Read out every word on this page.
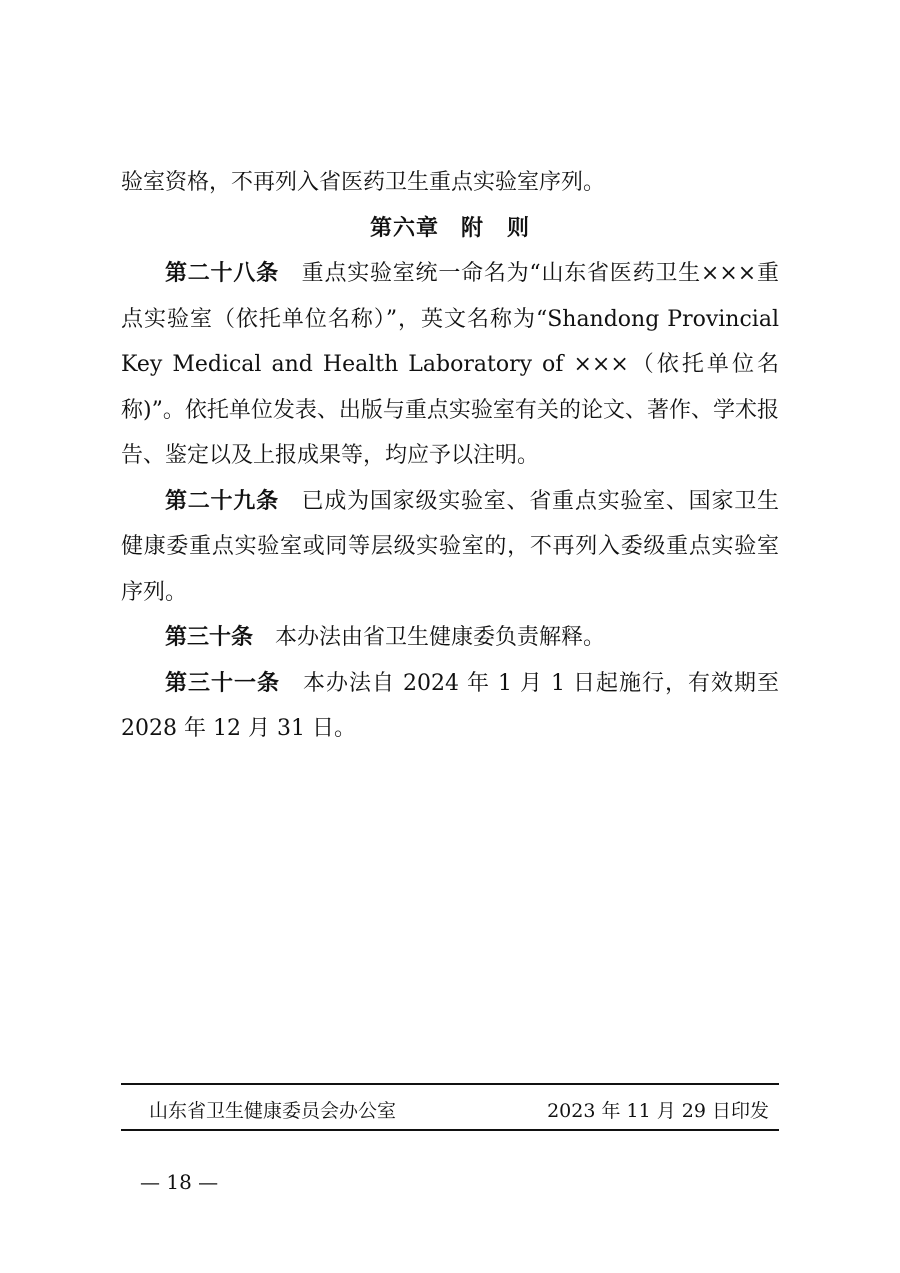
验室资格，不再列入省医药卫生重点实验室序列。

第六章 附　则

第二十八条 重点实验室统一命名为“山东省医药卫生×××重点实验室（依托单位名称）”，英文名称为“Shandong Provincial Key Medical and Health Laboratory of ×××（依托单位名称)”。依托单位发表、出版与重点实验室有关的论文、著作、学术报告、鉴定以及上报成果等，均应予以注明。

第二十九条 已成为国家级实验室、省重点实验室、国家卫生健康委重点实验室或同等层级实验室的，不再列入委级重点实验室序列。

第三十条 本办法由省卫生健康委负责解释。

第三十一条 本办法自 2024 年 1 月 1 日起施行，有效期至 2028 年 12 月 31 日。

山东省卫生健康委员会办公室	2023 年 11 月 29 日印发
— 18 —
